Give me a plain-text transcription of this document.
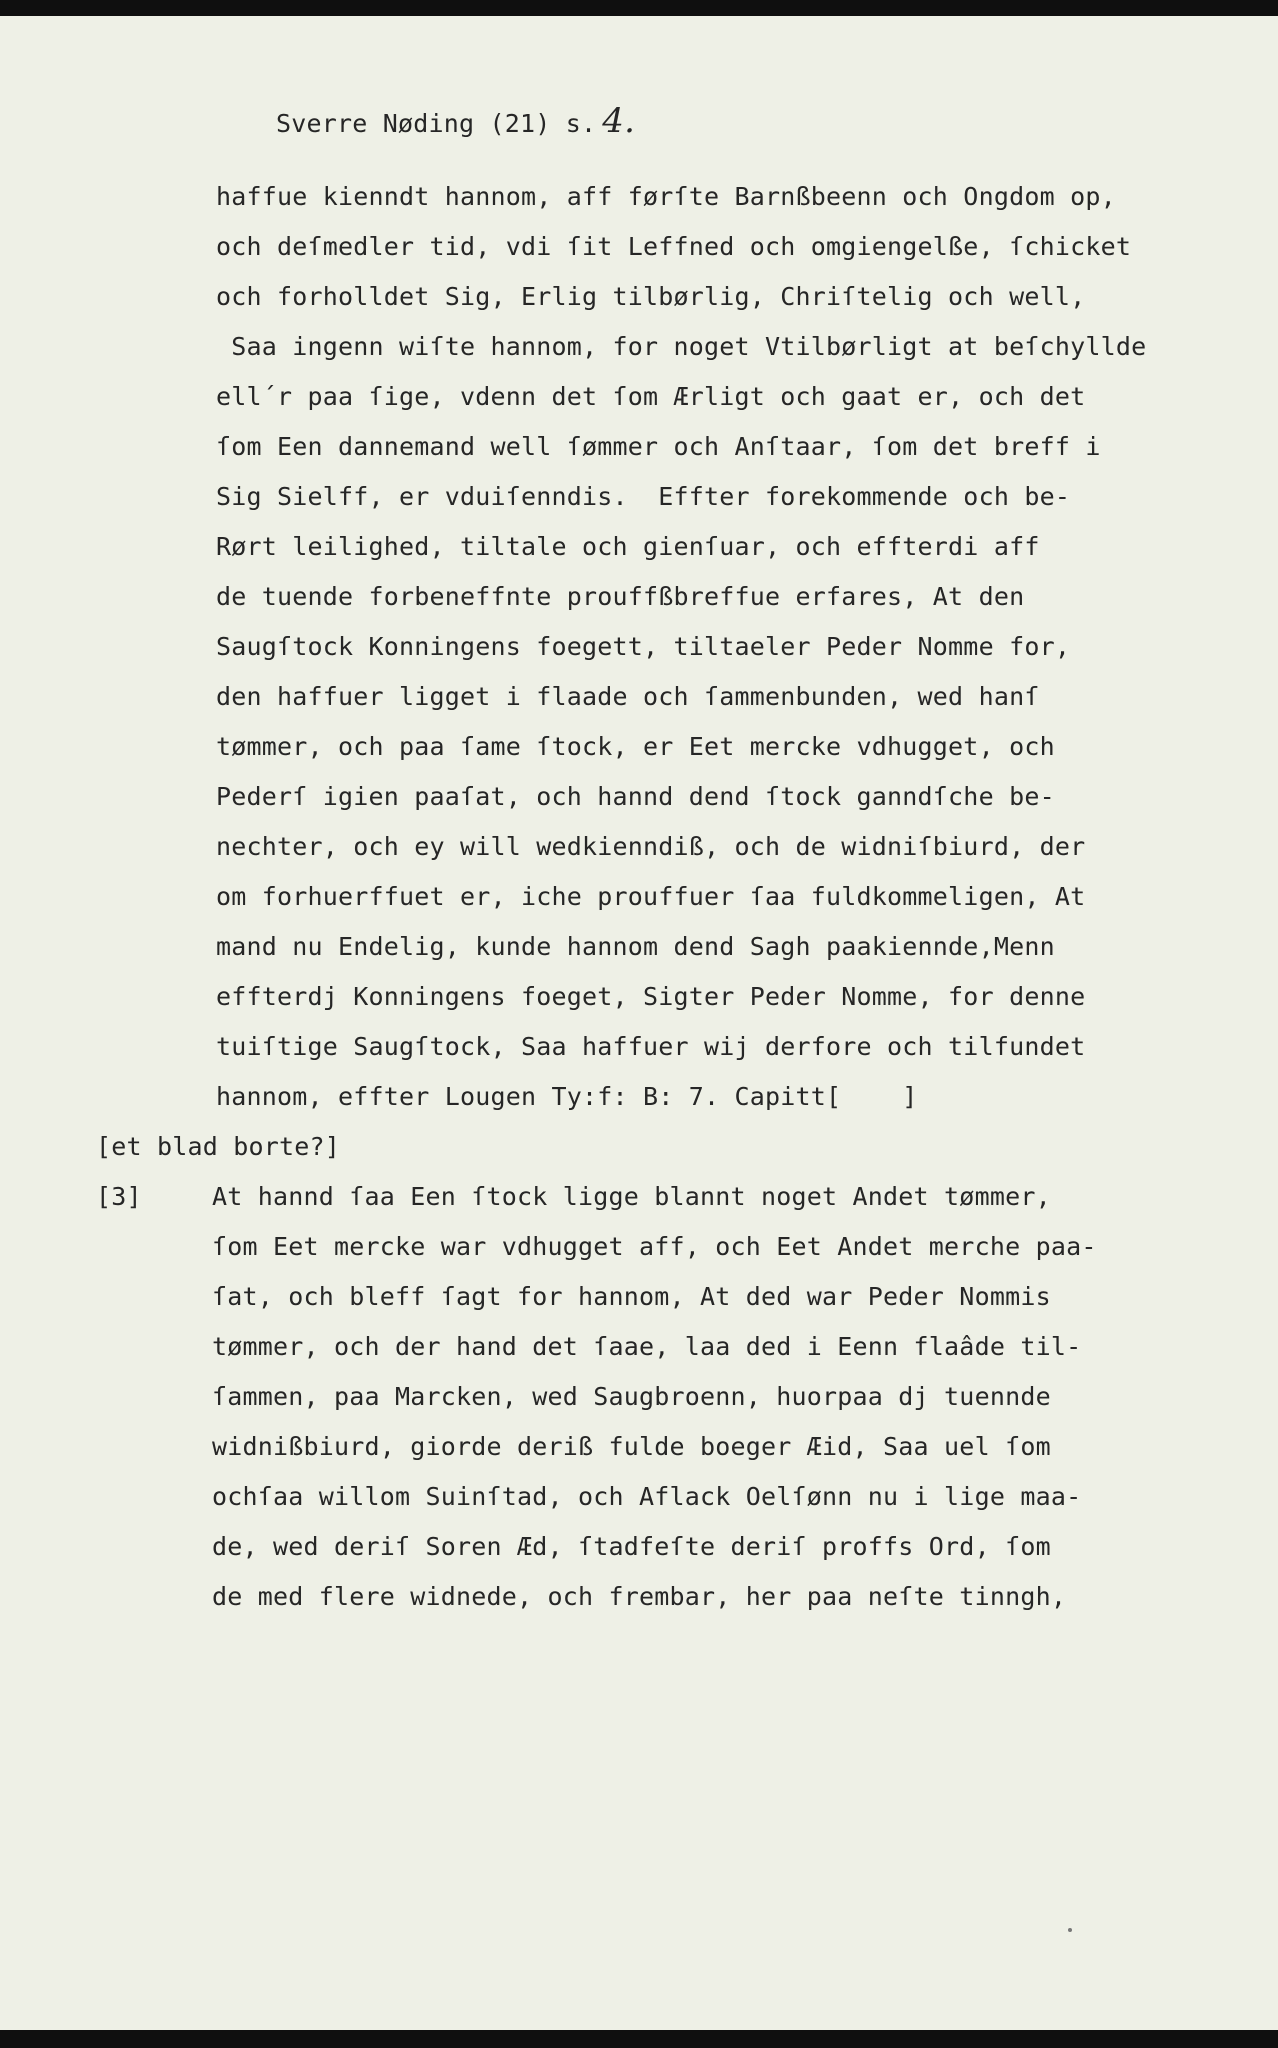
Sverre Nøding (21) s. 4.

haffue kienndt hannom, aff førſte Barnßbeenn och Ongdom op,
och deſmedler tid, vdi ſit Leffned och omgiengelße, ſchicket
och forholldet Sig, Erlig tilbørlig, Chriſtelig och well,
Saa ingenn wiſte hannom, for noget Vtilbørligt at beſchyllde
ell´r paa ſige, vdenn det ſom Ærligt och gaat er, och det
ſom Een dannemand well ſømmer och Anſtaar, ſom det breff i
Sig Sielff, er vduiſenndis.  Effter forekommende och be-
Rørt leilighed, tiltale och gienſuar, och effterdi aff
de tuende forbeneffnte prouffßbreffue erfares, At den
Saugſtock Konningens foegett, tiltaeler Peder Nomme for,
den haffuer ligget i flaade och ſammenbunden, wed hanſ
tømmer, och paa ſame ſtock, er Eet mercke vdhugget, och
Pederſ igien paaſat, och hannd dend ſtock ganndſche be-
nechter, och ey will wedkienndiß, och de widniſbiurd, der
om forhuerffuet er, iche prouffuer ſaa fuldkommeligen, At
mand nu Endelig, kunde hannom dend Sagh paakiennde,Menn
effterdj Konningens foeget, Sigter Peder Nomme, for denne
tuiſtige Saugſtock, Saa haffuer wij derfore och tilfundet
hannom, effter Lougen Ty:f: B: 7. Capitt[    ]
[et blad borte?]
[3]	At hannd ſaa Een ſtock ligge blannt noget Andet tømmer,
ſom Eet mercke war vdhugget aff, och Eet Andet merche paa-
ſat, och bleff ſagt for hannom, At ded war Peder Nommis
tømmer, och der hand det ſaae, laa ded i Eenn flaâde til-
ſammen, paa Marcken, wed Saugbroenn, huorpaa dj tuennde
widnißbiurd, giorde deriß fulde boeger Æid, Saa uel ſom
ochſaa willom Suinſtad, och Aflack Oelſønn nu i lige maa-
de, wed deriſ Soren Æd, ſtadfeſte deriſ proffs Ord, ſom
de med flere widnede, och frembar, her paa neſte tinngh,
